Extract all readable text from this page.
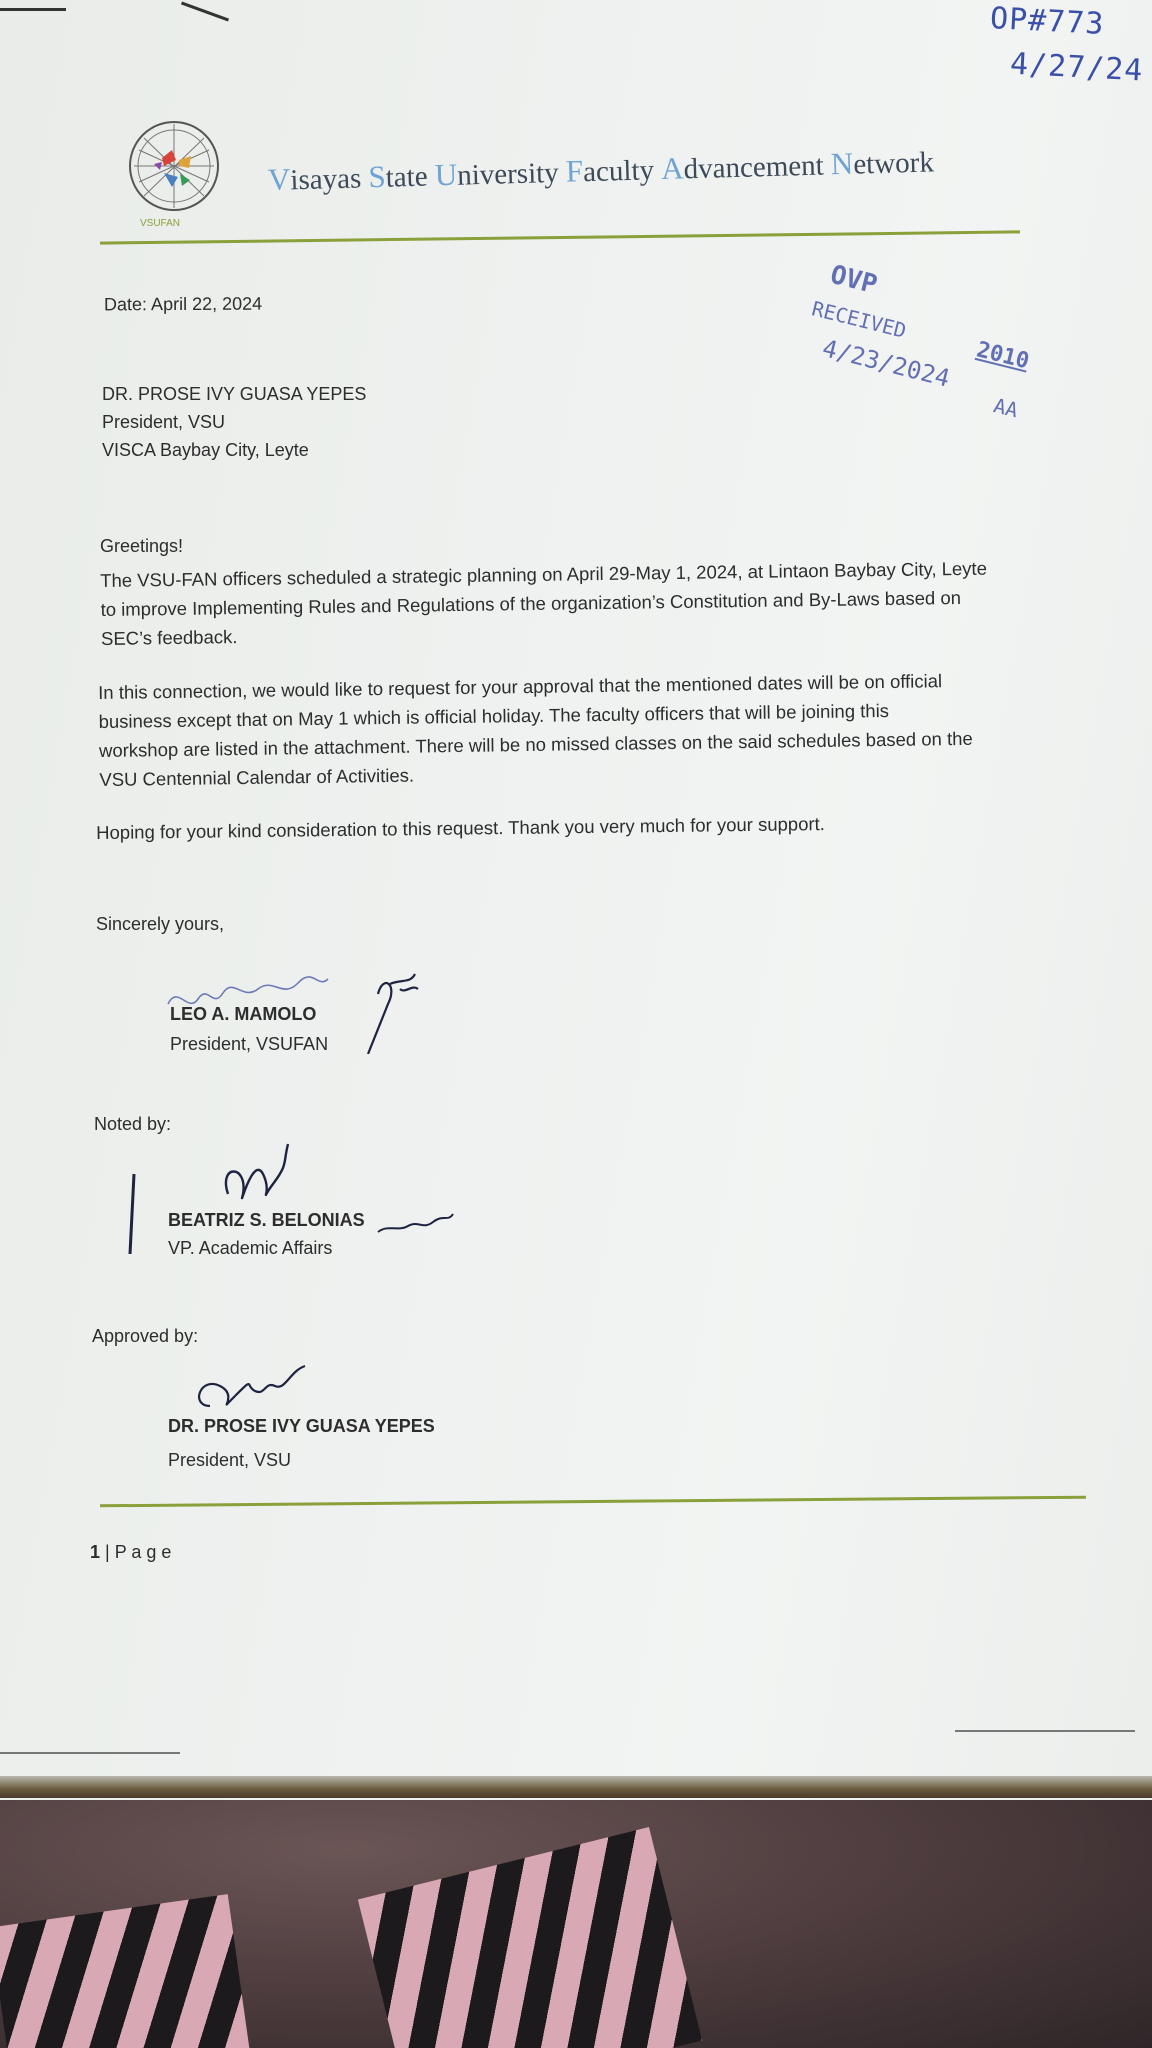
OP#773
4/27/24
VSUFAN
Visayas State University Faculty Advancement Network
OVP
RECEIVED
2010
4/23/2024
AA
Date: April 22, 2024
DR. PROSE IVY GUASA YEPES
President, VSU
VISCA Baybay City, Leyte
Greetings!
The VSU-FAN officers scheduled a strategic planning on April 29-May 1, 2024, at Lintaon Baybay City, Leyte
to improve Implementing Rules and Regulations of the organization’s Constitution and By-Laws based on
SEC’s feedback.
In this connection, we would like to request for your approval that the mentioned dates will be on official
business except that on May 1 which is official holiday. The faculty officers that will be joining this
workshop are listed in the attachment. There will be no missed classes on the said schedules based on the
VSU Centennial Calendar of Activities.
Hoping for your kind consideration to this request. Thank you very much for your support.
Sincerely yours,
LEO A. MAMOLO
President, VSUFAN
Noted by:
BEATRIZ S. BELONIAS
VP. Academic Affairs
Approved by:
DR. PROSE IVY GUASA YEPES
President, VSU
1 | P a g e
